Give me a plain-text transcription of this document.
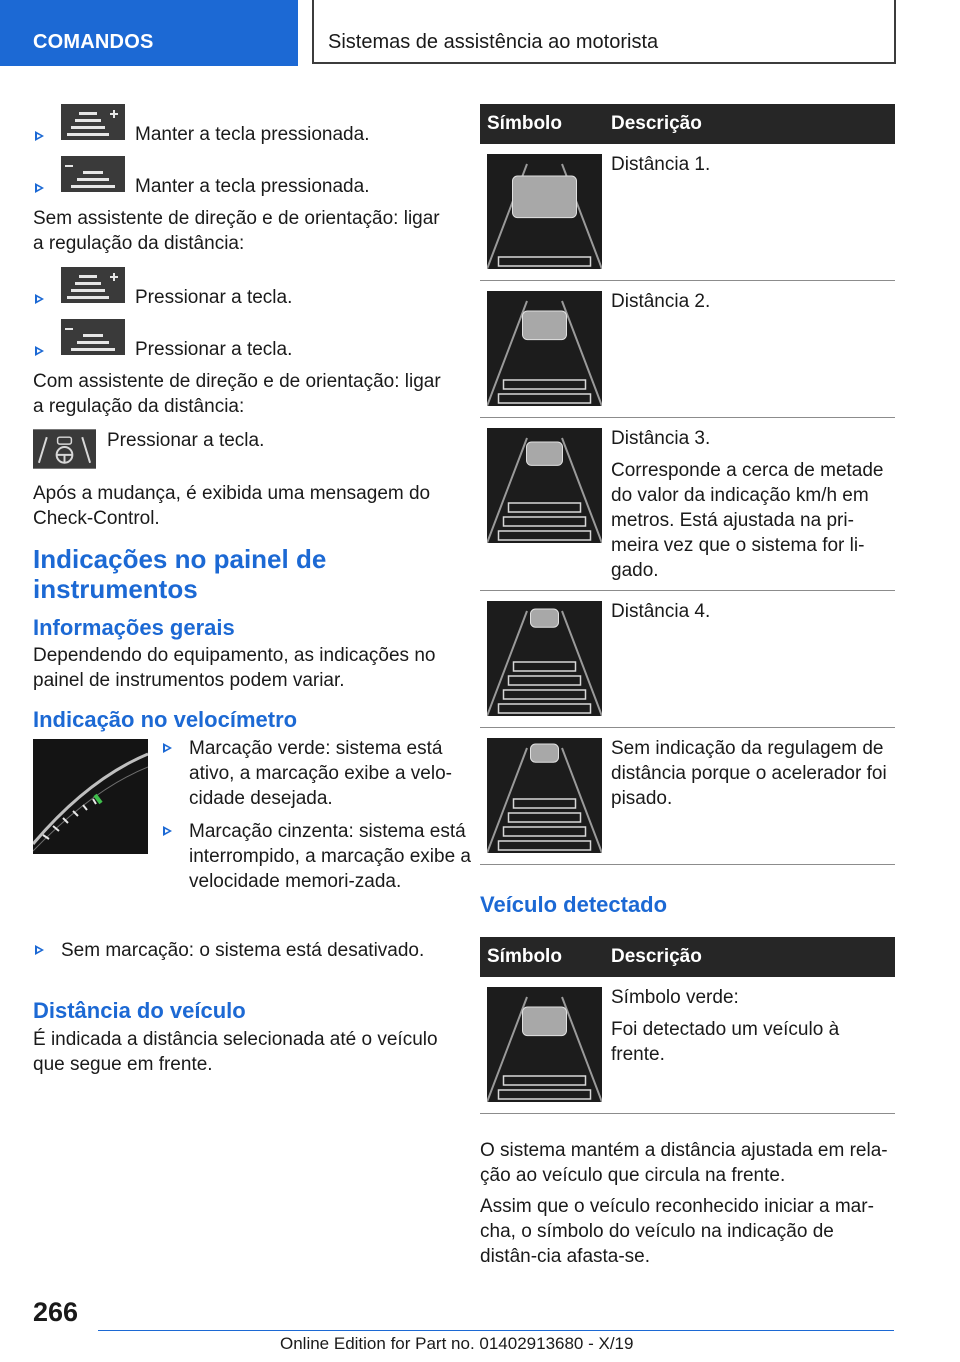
COMANDOS	Sistemas de assistência ao motorista
Manter a tecla pressionada.
Manter a tecla pressionada.

Sem assistente de direção e de orientação: ligar a regulação da distância:

Pressionar a tecla.
Pressionar a tecla.

Com assistente de direção e de orientação: ligar a regulação da distância:

Pressionar a tecla.

Após a mudança, é exibida uma mensagem do Check-Control.

Indicações no painel de instrumentos
Informações gerais

Dependendo do equipamento, as indicações no painel de instrumentos podem variar.

Indicação no velocímetro
Marcação verde: sistema está ativo, a marcação exibe a velo-cidade desejada.
Marcação cinzenta: sistema está interrompido, a marcação exibe a velocidade memori-zada.
Sem marcação: o sistema está desativado.
Distância do veículo

É indicada a distância selecionada até o veículo que segue em frente.

Símbolo	Descrição

Distância 1.

Distância 2.

Distância 3.

Corresponde a cerca de metade do valor da indicação km/h em metros. Está ajustada na pri-meira vez que o sistema for li-gado.

Distância 4.

Sem indicação da regulagem de distância porque o acelerador foi pisado.

Veículo detectado
Símbolo	Descrição

Símbolo verde:

Foi detectado um veículo à frente.

O sistema mantém a distância ajustada em rela-ção ao veículo que circula na frente.

Assim que o veículo reconhecido iniciar a mar-cha, o símbolo do veículo na indicação de distân-cia afasta-se.

266
Online Edition for Part no. 01402913680 - X/19
